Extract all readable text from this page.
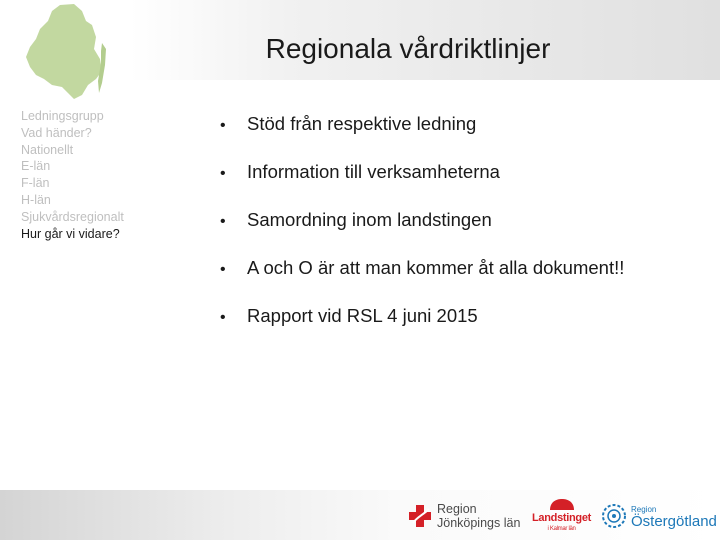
Regionala vårdriktlinjer
Ledningsgrupp
Vad händer?
Nationellt
E-län
F-län
H-län
Sjukvårdsregionalt
Hur går vi vidare?
•	Stöd från respektive ledning
•	Information till verksamheterna
•	Samordning inom landstingen
•	A och O är att man kommer åt alla dokument!!
•	Rapport vid RSL 4 juni 2015
Region
Jönköpings län Landstinget
i Kalmar län
Region
Östergötland
